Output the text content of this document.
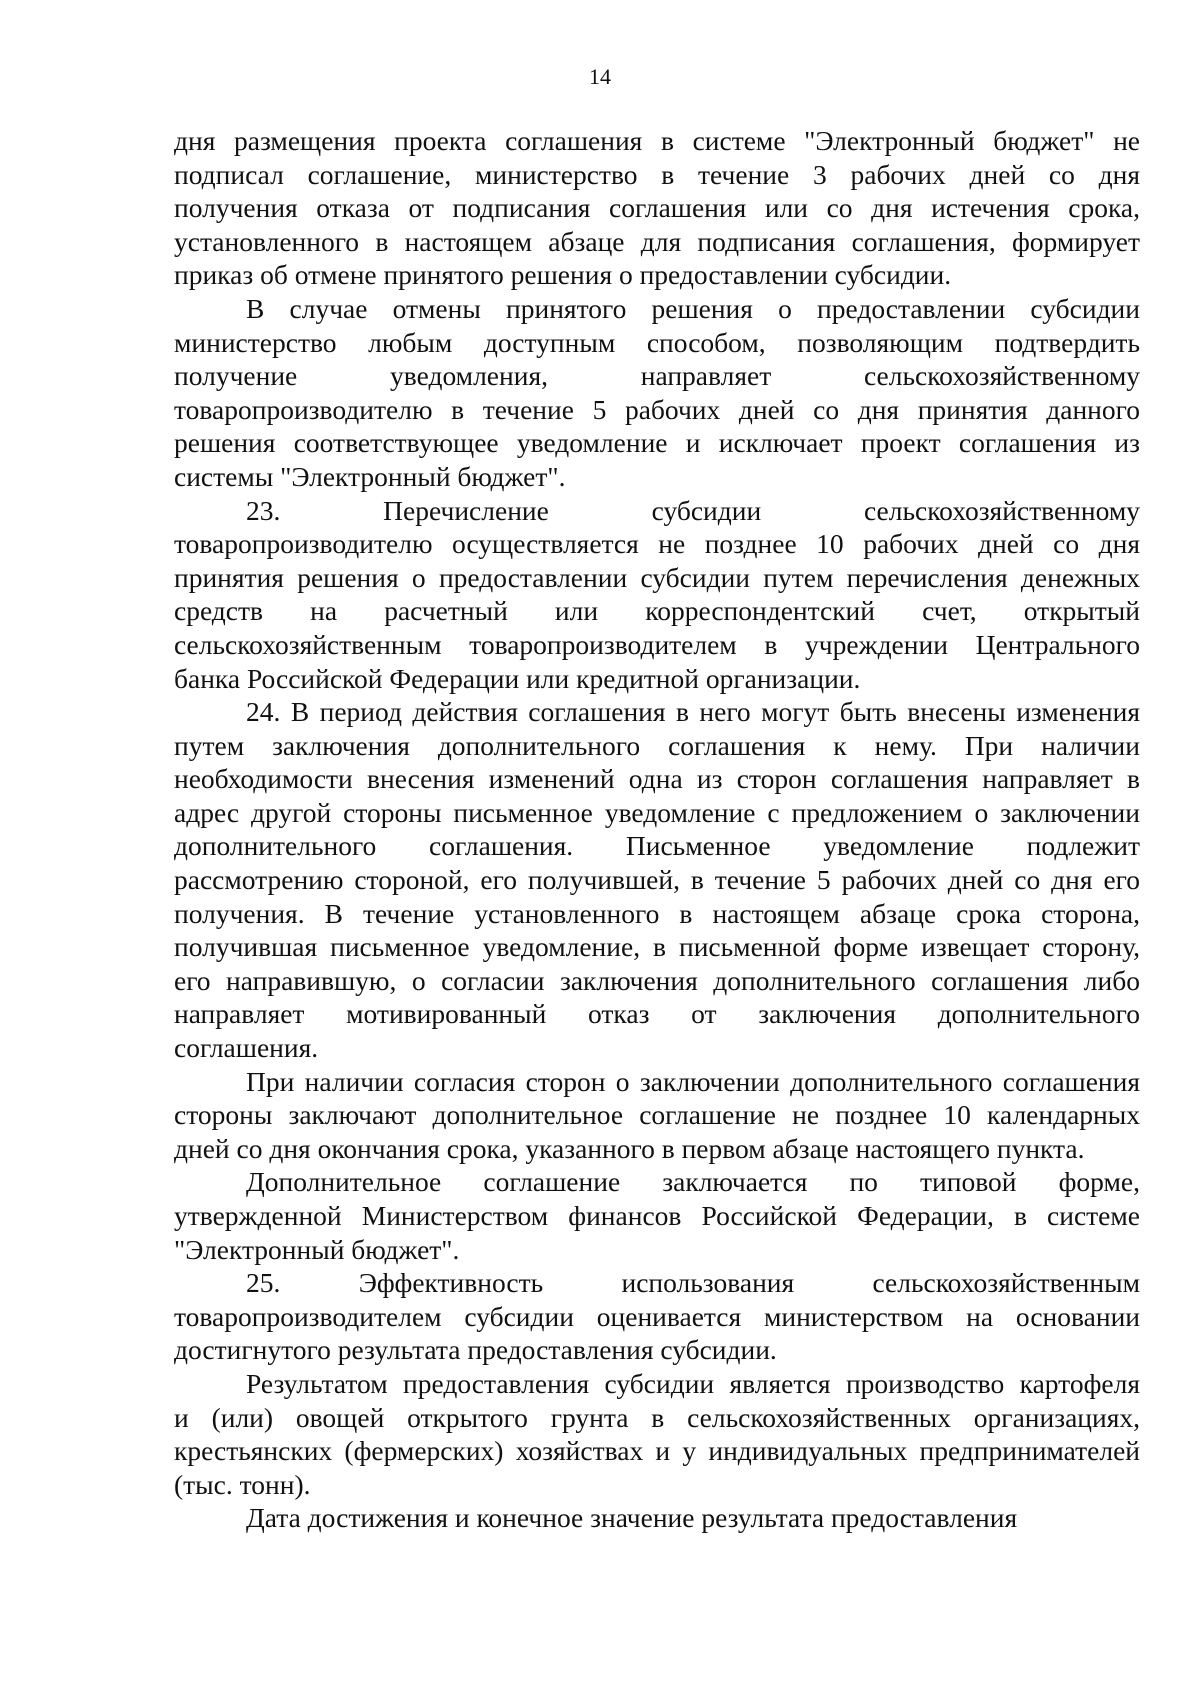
14
дня размещения проекта соглашения в системе "Электронный бюджет" не
подписал соглашение, министерство в течение 3 рабочих дней со дня
получения отказа от подписания соглашения или со дня истечения срока,
установленного в настоящем абзаце для подписания соглашения, формирует
приказ об отмене принятого решения о предоставлении субсидии.
В случае отмены принятого решения о предоставлении субсидии
министерство любым доступным способом, позволяющим подтвердить
получение уведомления, направляет сельскохозяйственному
товаропроизводителю в течение 5 рабочих дней со дня принятия данного
решения соответствующее уведомление и исключает проект соглашения из
системы "Электронный бюджет".
23. Перечисление субсидии сельскохозяйственному
товаропроизводителю осуществляется не позднее 10 рабочих дней со дня
принятия решения о предоставлении субсидии путем перечисления денежных
средств на расчетный или корреспондентский счет, открытый
сельскохозяйственным товаропроизводителем в учреждении Центрального
банка Российской Федерации или кредитной организации.
24. В период действия соглашения в него могут быть внесены изменения
путем заключения дополнительного соглашения к нему. При наличии
необходимости внесения изменений одна из сторон соглашения направляет в
адрес другой стороны письменное уведомление с предложением о заключении
дополнительного соглашения. Письменное уведомление подлежит
рассмотрению стороной, его получившей, в течение 5 рабочих дней со дня его
получения. В течение установленного в настоящем абзаце срока сторона,
получившая письменное уведомление, в письменной форме извещает сторону,
его направившую, о согласии заключения дополнительного соглашения либо
направляет мотивированный отказ от заключения дополнительного
соглашения.
При наличии согласия сторон о заключении дополнительного соглашения
стороны заключают дополнительное соглашение не позднее 10 календарных
дней со дня окончания срока, указанного в первом абзаце настоящего пункта.
Дополнительное соглашение заключается по типовой форме,
утвержденной Министерством финансов Российской Федерации, в системе
"Электронный бюджет".
25. Эффективность использования сельскохозяйственным
товаропроизводителем субсидии оценивается министерством на основании
достигнутого результата предоставления субсидии.
Результатом предоставления субсидии является производство картофеля
и (или) овощей открытого грунта в сельскохозяйственных организациях,
крестьянских (фермерских) хозяйствах и у индивидуальных предпринимателей
(тыс. тонн).
Дата достижения и конечное значение результата предоставления
